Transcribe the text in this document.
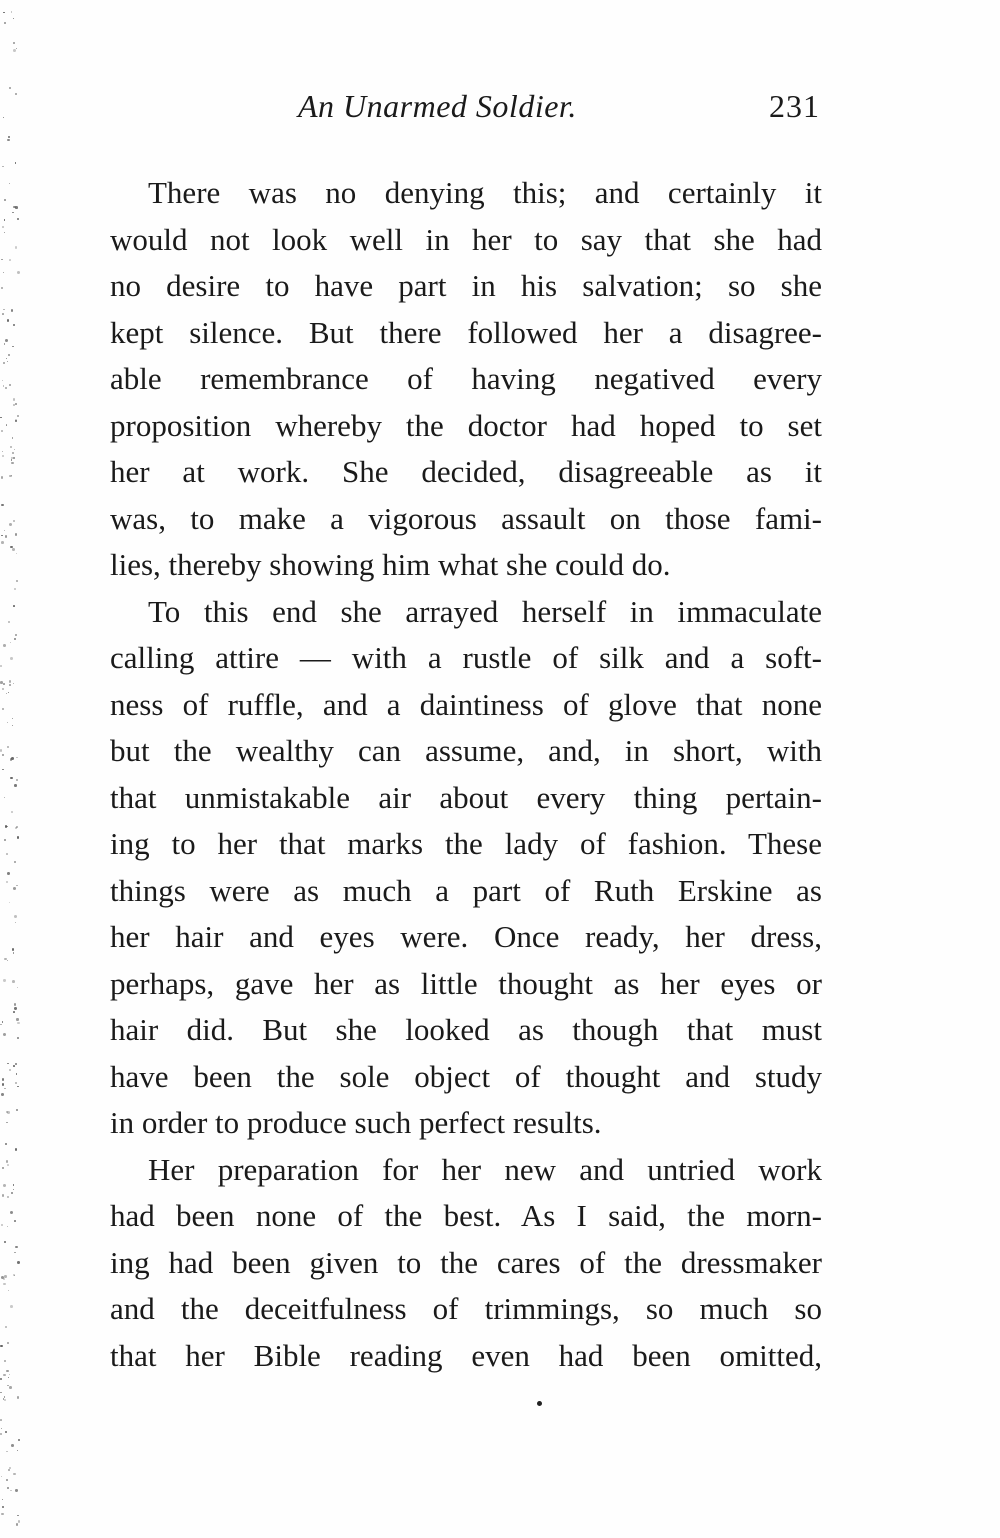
An Unarmed Soldier.	231

There was no denying this; and certainly it
would not look well in her to say that she had
no desire to have part in his salvation; so she
kept silence. But there followed her a disagree-
able remembrance of having negatived every
proposition whereby the doctor had hoped to set
her at work. She decided, disagreeable as it
was, to make a vigorous assault on those fami-
lies, thereby showing him what she could do.

To this end she arrayed herself in immaculate
calling attire — with a rustle of silk and a soft-
ness of ruffle, and a daintiness of glove that none
but the wealthy can assume, and, in short, with
that unmistakable air about every thing pertain-
ing to her that marks the lady of fashion. These
things were as much a part of Ruth Erskine as
her hair and eyes were. Once ready, her dress,
perhaps, gave her as little thought as her eyes or
hair did. But she looked as though that must
have been the sole object of thought and study
in order to produce such perfect results.

Her preparation for her new and untried work
had been none of the best. As I said, the morn-
ing had been given to the cares of the dressmaker
and the deceitfulness of trimmings, so much so
that her Bible reading even had been omitted,
